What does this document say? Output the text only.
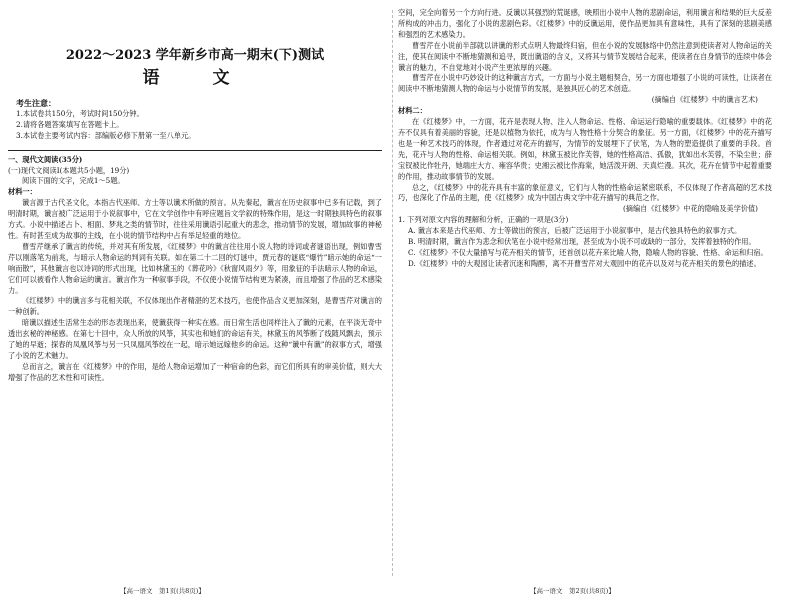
2022～2023 学年新乡市高一期末(下)测试
语　文
考生注意：
1.本试卷共150分，考试时间150分钟。
2.请将各题答案填写在答题卡上。
3.本试卷主要考试内容：部编版必修下册第一至八单元。
一、现代文阅读(35分)
(一)现代文阅读Ⅰ(本题共5小题，19分)
阅读下面的文字，完成1～5题。
材料一：
谶言源于古代圣文化，本指古代巫师、方士等以谶术所做的预言。从先秦起，谶言在历史叙事中已多有记载，到了明清时期，谶言被广泛运用于小说叙事中，它在文学创作中有呼应题旨文学叙的特殊作用，是这一时期独具特色的叙事方式。小说中描述占卜、相面、梦兆之类的情节时，往往采用谶语引起重大的悲念，推动情节的发展，增加故事的神秘性。有时甚至成为故事的主线，在小说的情节结构中占有举足轻重的地位。
曹雪芹继承了谶言的传统，并对其有所发展，《红楼梦》中的谶言往往用小说人物的诗词或者谜语出现，例如曹雪芹以刚落笔为前兆，与暗示人物命运的判词有关联。如在第二十二回的灯谜中，贾元春的谜底“爆竹”暗示她的命运“一响而散”，其他谶言也以诗词的形式出现，比如林黛玉的《葬花吟》《秋窗风雨夕》等，用象征的手法暗示人物的命运，它们可以被看作人物命运的谶言。谶言作为一种叙事手段，不仅使小说情节结构更为紧凑，而且增强了作品的艺术感染力。
《红楼梦》中的谶言多与花相关联，不仅体现出作者精湛的艺术技巧，也使作品含义更加深刻，是曹雪芹对谶言的一种创新。
暗谶以描述生活常生态的形态表现出来，使谶获得一种实在感。而日常生活也同样注入了谶的元素，在平淡无奇中透出玄秘的神秘感。在第七十回中，众人所放的风筝，其实也和她们的命运有关，林黛玉的风筝断了线随风飘去，预示了她的早逝；探春的凤凰风筝与另一只凤凰风筝绞在一起，暗示她远嫁他乡的命运。这种“谶中有谶”的叙事方式，增强了小说的艺术魅力。
总而言之，谶言在《红楼梦》中的作用，是给人物命运增加了一种宿命的色彩，而它们所具有的审美价值，则大大增强了作品的艺术性和可读性。
空间，完全向着另一个方向行进。反谶以其强烈的荒诞感，映照出小说中人物的悲剧命运，利用谶言和结果的巨大反差所构成的冲击力，强化了小说的悲剧色彩。《红楼梦》中的反谶运用，使作品更加具有意味性，具有了深刻的悲剧美感和强烈的艺术感染力。
曹雪芹在小说前半部就以讲谶的形式点明人物最终归宿，但在小说的发展脉络中仍然注意到使读者对人物命运的关注，使其在阅读中不断地猜测和追寻，既出谶语的含义，又将其与情节发展结合起来，使读者在自身情节的连续中体会谶言的魅力，不自觉地对小说产生更浓厚的兴趣。
曹雪芹在小说中巧妙设计的这种谶言方式，一方面与小说主题相契合，另一方面也增强了小说的可读性，让读者在阅读中不断地猜测人物的命运与小说情节的发展，是独具匠心的艺术创造。
(摘编自《红楼梦》中的谶言艺术)
材料二：
在《红楼梦》中，一方面，花卉是表现人物、注入人物命运、性格、命运运行隐喻的重要载体。《红楼梦》中的花卉不仅具有着美丽的容貌，还是以植物为依托，成为与人物性格十分契合的象征。另一方面，《红楼梦》中的花卉描写也是一种艺术技巧的体现，作者通过对花卉的描写，为情节的发展埋下了伏笔，为人物的塑造提供了重要的手段。首先，花卉与人物的性格、命运相关联。例如，林黛玉被比作芙蓉，她的性格高洁、孤傲，犹如出水芙蓉，不染尘世；薛宝钗被比作牡丹，她端庄大方、雍容华贵；史湘云被比作海棠，她活泼开朗、天真烂漫。其次，花卉在情节中起着重要的作用，推动故事情节的发展。
总之，《红楼梦》中的花卉具有丰富的象征意义，它们与人物的性格命运紧密联系，不仅体现了作者高超的艺术技巧，也深化了作品的主题，使《红楼梦》成为中国古典文学中花卉描写的典范之作。
(摘编自《红楼梦》中花的隐喻及美学价值)
1. 下列对原文内容的理解和分析，正确的一项是(3分)
A. 谶言本来是古代巫师、方士等做出的预言，后被广泛运用于小说叙事中，是古代独具特色的叙事方式。
B. 明清时期，谶言作为悲念和伏笔在小说中经常出现，甚至成为小说不可或缺的一部分，发挥着独特的作用。
C.《红楼梦》不仅大量描写与花卉相关的情节，还首创以花卉来比喻人物，隐喻人物的容貌、性格、命运和归宿。
D.《红楼梦》中的大观园让读者沉迷和陶醉，离不开曹雪芹对大观园中的花卉以及对与花卉相关的景色的描述。
【高一语文　第1页(共8页)】	【高一语文　第2页(共8页)】
